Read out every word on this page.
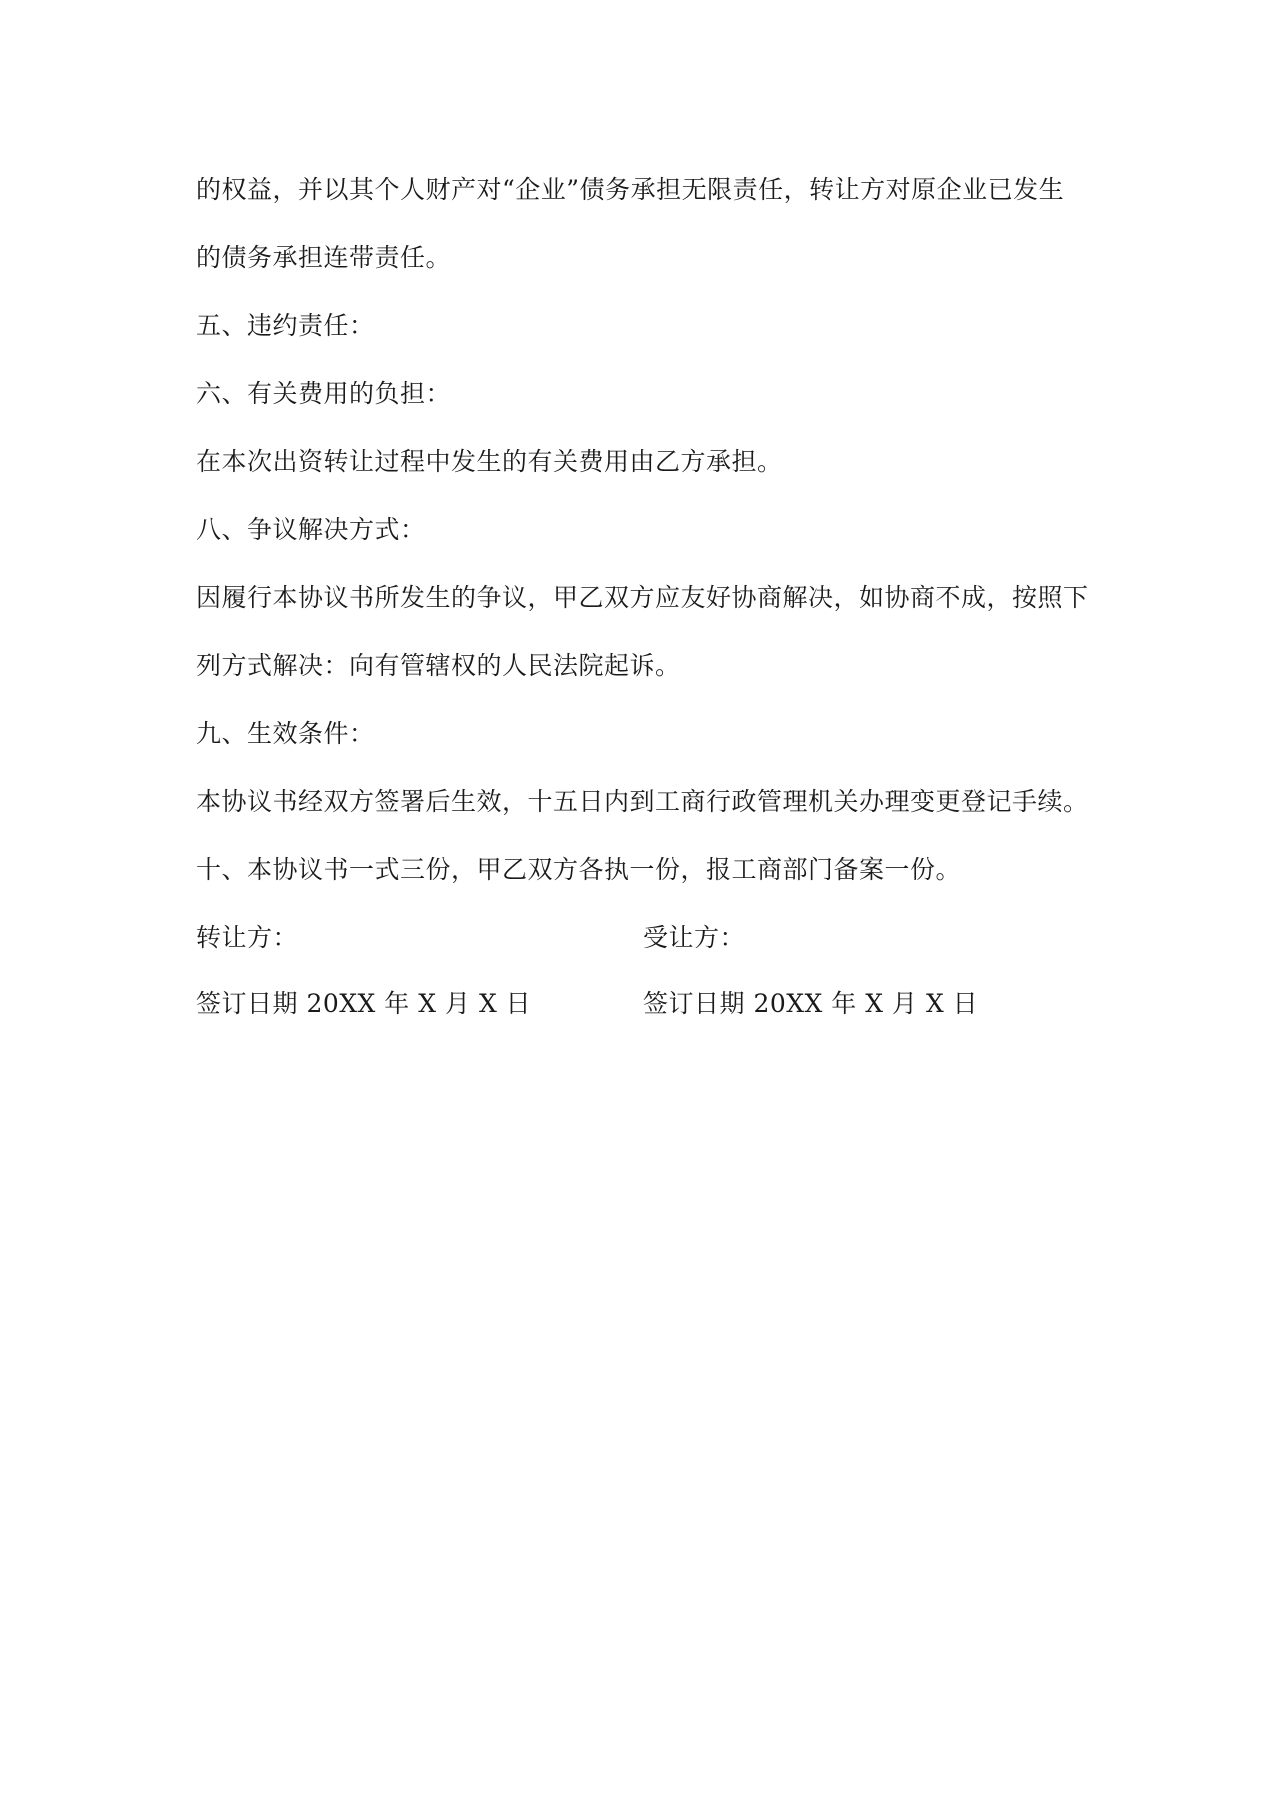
的权益，并以其个人财产对“企业”债务承担无限责任，转让方对原企业已发生
的债务承担连带责任。
五、违约责任：
六、有关费用的负担：
在本次出资转让过程中发生的有关费用由乙方承担。
八、争议解决方式：
因履行本协议书所发生的争议，甲乙双方应友好协商解决，如协商不成，按照下
列方式解决：向有管辖权的人民法院起诉。
九、生效条件：
本协议书经双方签署后生效，十五日内到工商行政管理机关办理变更登记手续。
十、本协议书一式三份，甲乙双方各执一份，报工商部门备案一份。
转让方：	受让方：
签订日期 20XX 年 X 月 X 日	签订日期 20XX 年 X 月 X 日
